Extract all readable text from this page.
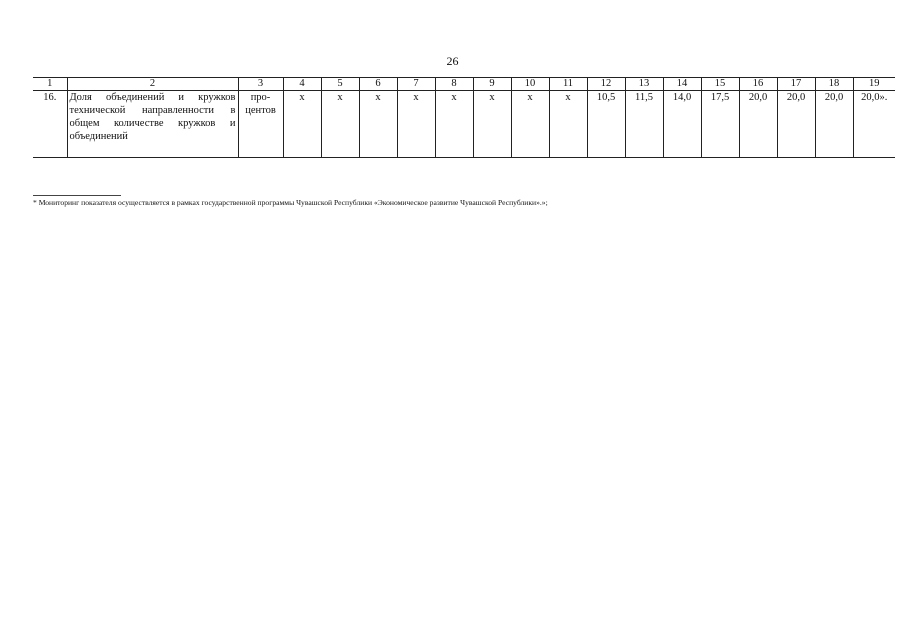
26
1	2	3	4	5	6	7	8	9	10	11	12	13	14	15	16	17	18	19
16.	Доля объединений и кружков технической направленности в общем количестве кружков и объединений	про-центов	x	x	x	x	x	x	x	x	10,5	11,5	14,0	17,5	20,0	20,0	20,0	20,0».
* Мониторинг показателя осуществляется в рамках государственной программы Чувашской Республики «Экономическое развитие Чувашской Республики».»;
